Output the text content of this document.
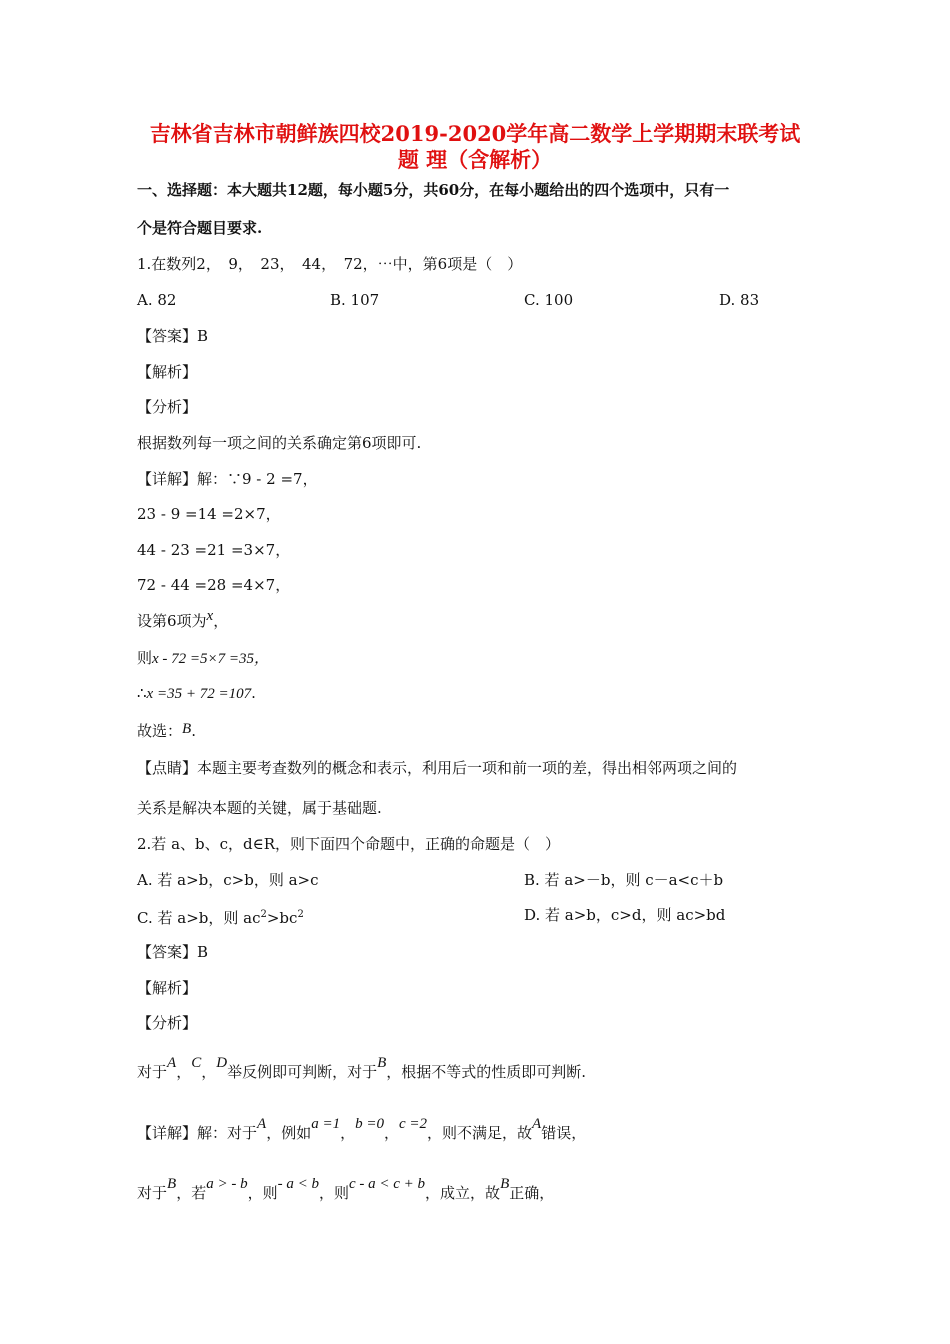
吉林省吉林市朝鲜族四校2019-2020学年高二数学上学期期末联考试
题 理（含解析）
一、选择题：本大题共12题，每小题5分，共60分，在每小题给出的四个选项中，只有一
个是符合题目要求.
1.在数列2，　9，　23，　44，　72，⋯中，第6项是（　）
A. 82	B. 107	C. 100	D. 83
【答案】B
【解析】
【分析】
根据数列每一项之间的关系确定第6项即可.
【详解】解：∵9 - 2 =7，
23 - 9 =14 =2×7，
44 - 23 =21 =3×7，
72 - 44 =28 =4×7，
设第6项为x，
则x - 72 =5×7 =35，
∴x =35 + 72 =107.
故选：B.
【点睛】本题主要考查数列的概念和表示，利用后一项和前一项的差，得出相邻两项之间的
关系是解决本题的关键，属于基础题.
2.若 a、b、c，d∈R，则下面四个命题中，正确的命题是（　）
A. 若 a>b，c>b，则 a>c	B. 若 a>－b，则 c－a<c＋b
C. 若 a>b，则 $ac^2>bc^2$	D. 若 a>b，c>d，则 ac>bd
【答案】B
【解析】
【分析】
对于A，C，D举反例即可判断，对于B，根据不等式的性质即可判断.
【详解】解：对于A，例如a =1，b =0，c =2，则不满足，故A错误，
对于B，若a > - b，则- a < b，则c - a < c + b，成立，故B正确，
